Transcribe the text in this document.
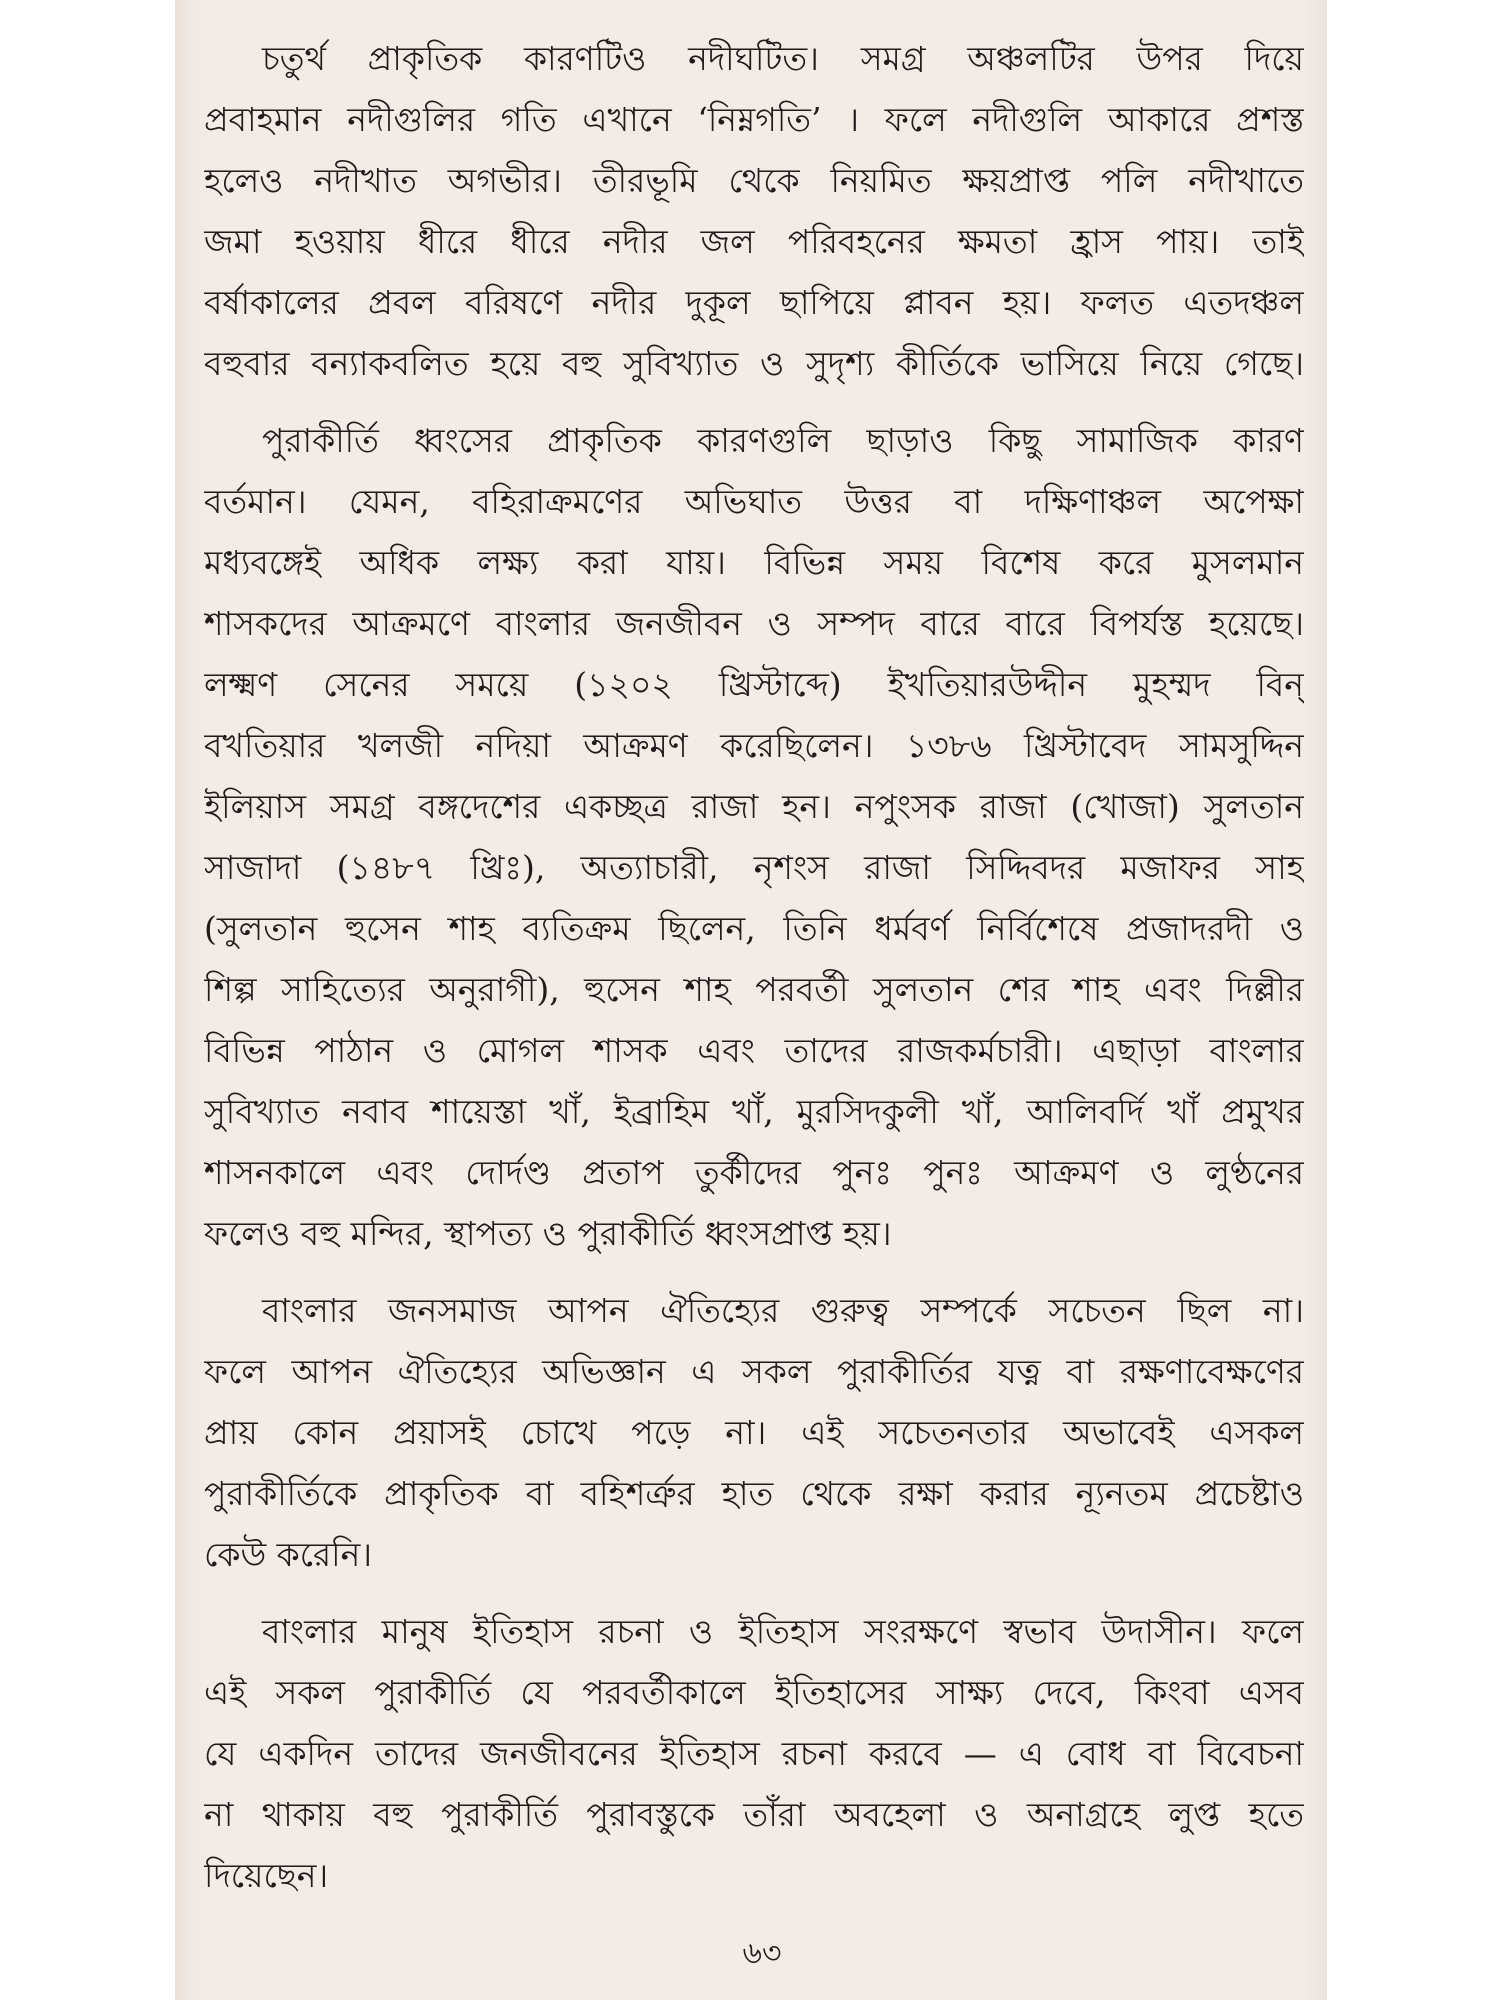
চতুর্থ প্রাকৃতিক কারণটিও নদীঘটিত। সমগ্র অঞ্চলটির উপর দিয়ে
প্রবাহমান নদীগুলির গতি এখানে ‘নিম্নগতি’ । ফলে নদীগুলি আকারে প্রশস্ত
হলেও নদীখাত অগভীর। তীরভূমি থেকে নিয়মিত ক্ষয়প্রাপ্ত পলি নদীখাতে
জমা হওয়ায় ধীরে ধীরে নদীর জল পরিবহনের ক্ষমতা হ্রাস পায়। তাই
বর্ষাকালের প্রবল বরিষণে নদীর দুকূল ছাপিয়ে প্লাবন হয়। ফলত এতদঞ্চল
বহুবার বন্যাকবলিত হয়ে বহু সুবিখ্যাত ও সুদৃশ্য কীর্তিকে ভাসিয়ে নিয়ে গেছে।
পুরাকীর্তি ধ্বংসের প্রাকৃতিক কারণগুলি ছাড়াও কিছু সামাজিক কারণ
বর্তমান। যেমন, বহিরাক্রমণের অভিঘাত উত্তর বা দক্ষিণাঞ্চল অপেক্ষা
মধ্যবঙ্গেই অধিক লক্ষ্য করা যায়। বিভিন্ন সময় বিশেষ করে মুসলমান
শাসকদের আক্রমণে বাংলার জনজীবন ও সম্পদ বারে বারে বিপর্যস্ত হয়েছে।
লক্ষ্মণ সেনের সময়ে (১২০২ খ্রিস্টাব্দে) ইখতিয়ারউদ্দীন মুহম্মদ বিন্
বখতিয়ার খলজী নদিয়া আক্রমণ করেছিলেন। ১৩৮৬ খ্রিস্টাবেদ সামসুদ্দিন
ইলিয়াস সমগ্র বঙ্গদেশের একচ্ছত্র রাজা হন। নপুংসক রাজা (খোজা) সুলতান
সাজাদা (১৪৮৭ খ্রিঃ), অত্যাচারী, নৃশংস রাজা সিদ্দিবদর মজাফর সাহ
(সুলতান হুসেন শাহ ব্যতিক্রম ছিলেন, তিনি ধর্মবর্ণ নির্বিশেষে প্রজাদরদী ও
শিল্প সাহিত্যের অনুরাগী), হুসেন শাহ পরবর্তী সুলতান শের শাহ এবং দিল্লীর
বিভিন্ন পাঠান ও মোগল শাসক এবং তাদের রাজকর্মচারী। এছাড়া বাংলার
সুবিখ্যাত নবাব শায়েস্তা খাঁ, ইব্রাহিম খাঁ, মুরসিদকুলী খাঁ, আলিবর্দি খাঁ প্রমুখর
শাসনকালে এবং দোর্দণ্ড প্রতাপ তুর্কীদের পুনঃ পুনঃ আক্রমণ ও লুণ্ঠনের
ফলেও বহু মন্দির, স্থাপত্য ও পুরাকীর্তি ধ্বংসপ্রাপ্ত হয়।
বাংলার জনসমাজ আপন ঐতিহ্যের গুরুত্ব সম্পর্কে সচেতন ছিল না।
ফলে আপন ঐতিহ্যের অভিজ্ঞান এ সকল পুরাকীর্তির যত্ন বা রক্ষণাবেক্ষণের
প্রায় কোন প্রয়াসই চোখে পড়ে না। এই সচেতনতার অভাবেই এসকল
পুরাকীর্তিকে প্রাকৃতিক বা বহিশর্ত্রুর হাত থেকে রক্ষা করার ন্যূনতম প্রচেষ্টাও
কেউ করেনি।
বাংলার মানুষ ইতিহাস রচনা ও ইতিহাস সংরক্ষণে স্বভাব উদাসীন। ফলে
এই সকল পুরাকীর্তি যে পরবর্তীকালে ইতিহাসের সাক্ষ্য দেবে, কিংবা এসব
যে একদিন তাদের জনজীবনের ইতিহাস রচনা করবে — এ বোধ বা বিবেচনা
না থাকায় বহু পুরাকীর্তি পুরাবস্তুকে তাঁরা অবহেলা ও অনাগ্রহে লুপ্ত হতে
দিয়েছেন।
৬৩
